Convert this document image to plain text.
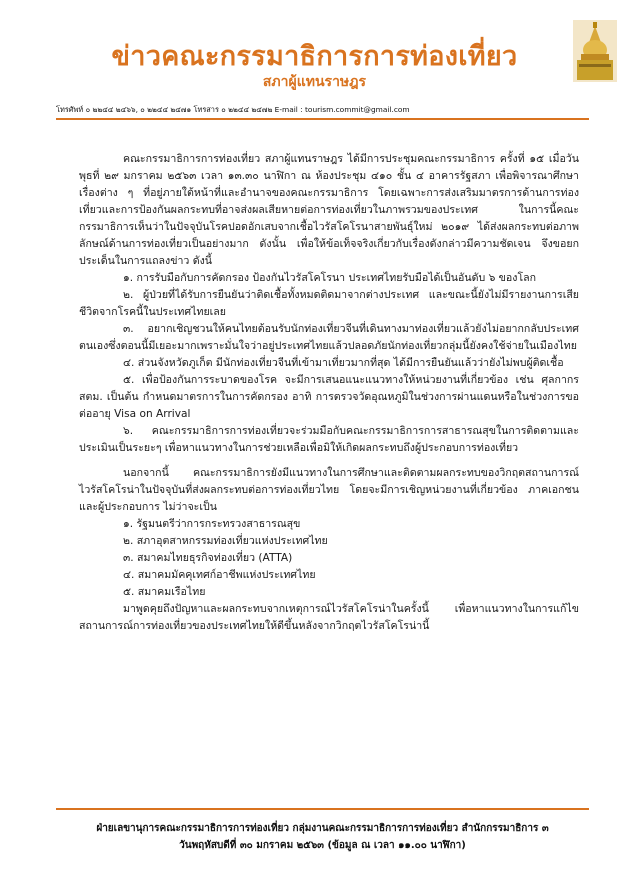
ข่าวคณะกรรมาธิการการท่องเที่ยว
สภาผู้แทนราษฎร
โทรศัพท์ ๐ ๒๒๔๔ ๒๔๖๖, ๐ ๒๒๔๔ ๒๔๗๑ โทรสาร ๐ ๒๒๔๔ ๒๔๗๒ E-mail : tourism.commit@gmail.com

คณะกรรมาธิการการท่องเที่ยว สภาผู้แทนราษฎร ได้มีการประชุมคณะกรรมาธิการ ครั้งที่ ๑๕ เมื่อวันพุธที่ ๒๙ มกราคม ๒๕๖๓ เวลา ๑๓.๓๐ นาฬิกา ณ ห้องประชุม ๔๑๐ ชั้น ๔ อาคารรัฐสภา เพื่อพิจารณาศึกษาเรื่องต่าง ๆ ที่อยู่ภายใต้หน้าที่และอำนาจของคณะกรรมาธิการ โดยเฉพาะการส่งเสริมมาตรการด้านการท่องเที่ยวและการป้องกันผลกระทบที่อาจส่งผลเสียหายต่อการท่องเที่ยวในภาพรวมของประเทศ ในการนี้คณะกรรมาธิการเห็นว่าในปัจจุบันโรคปอดอักเสบจากเชื้อไวรัสโคโรนาสายพันธุ์ใหม่ ๒๐๑๙ ได้ส่งผลกระทบต่อภาพลักษณ์ด้านการท่องเที่ยวเป็นอย่างมาก ดังนั้น เพื่อให้ข้อเท็จจริงเกี่ยวกับเรื่องดังกล่าวมีความชัดเจน จึงขอยกประเด็นในการแถลงข่าว ดังนี้

๑. การรับมือกับการคัดกรอง ป้องกันไวรัสโคโรนา ประเทศไทยรับมือได้เป็นอันดับ ๖ ของโลก

๒. ผู้ป่วยที่ได้รับการยืนยันว่าติดเชื้อทั้งหมดติดมาจากต่างประเทศ และขณะนี้ยังไม่มีรายงานการเสียชีวิตจากโรคนี้ในประเทศไทยเลย

๓. อยากเชิญชวนให้คนไทยต้อนรับนักท่องเที่ยวจีนที่เดินทางมาท่องเที่ยวแล้วยังไม่อยากกลับประเทศตนเองซึ่งตอนนี้มีเยอะมากเพราะมั่นใจว่าอยู่ประเทศไทยแล้วปลอดภัยนักท่องเที่ยวกลุ่มนี้ยังคงใช้จ่ายในเมืองไทย

๔. ส่วนจังหวัดภูเก็ต มีนักท่องเที่ยวจีนที่เข้ามาเที่ยวมากที่สุด ได้มีการยืนยันแล้วว่ายังไม่พบผู้ติดเชื้อ

๕. เพื่อป้องกันการระบาดของโรค จะมีการเสนอแนะแนวทางให้หน่วยงานที่เกี่ยวข้อง เช่น ศุลกากร สตม. เป็นต้น กำหนดมาตรการในการคัดกรอง อาทิ การตรวจวัดอุณหภูมิในช่วงการผ่านแดนหรือในช่วงการขอต่ออายุ Visa on Arrival

๖. คณะกรรมาธิการการท่องเที่ยวจะร่วมมือกับคณะกรรมาธิการการสาธารณสุขในการติดตามและประเมินเป็นระยะๆ เพื่อหาแนวทางในการช่วยเหลือเพื่อมิให้เกิดผลกระทบถึงผู้ประกอบการท่องเที่ยว

นอกจากนี้ คณะกรรมาธิการยังมีแนวทางในการศึกษาและติดตามผลกระทบของวิกฤตสถานการณ์ไวรัสโคโรน่าในปัจจุบันที่ส่งผลกระทบต่อการท่องเที่ยวไทย โดยจะมีการเชิญหน่วยงานที่เกี่ยวข้อง ภาคเอกชน และผู้ประกอบการ ไม่ว่าจะเป็น

๑. รัฐมนตรีว่าการกระทรวงสาธารณสุข

๒. สภาอุตสาหกรรมท่องเที่ยวแห่งประเทศไทย

๓. สมาคมไทยธุรกิจท่องเที่ยว (ATTA)

๔. สมาคมมัคคุเทศก์อาชีพแห่งประเทศไทย

๕. สมาคมเรือไทย

มาพูดคุยถึงปัญหาและผลกระทบจากเหตุการณ์ไวรัสโคโรน่าในครั้งนี้ เพื่อหาแนวทางในการแก้ไขสถานการณ์การท่องเที่ยวของประเทศไทยให้ดีขึ้นหลังจากวิกฤตไวรัสโคโรน่านี้

ฝ่ายเลขานุการคณะกรรมาธิการการท่องเที่ยว กลุ่มงานคณะกรรมาธิการการท่องเที่ยว สำนักกรรมาธิการ ๓
วันพฤหัสบดีที่ ๓๐ มกราคม ๒๕๖๓ (ข้อมูล ณ เวลา ๑๑.๐๐ นาฬิกา)
